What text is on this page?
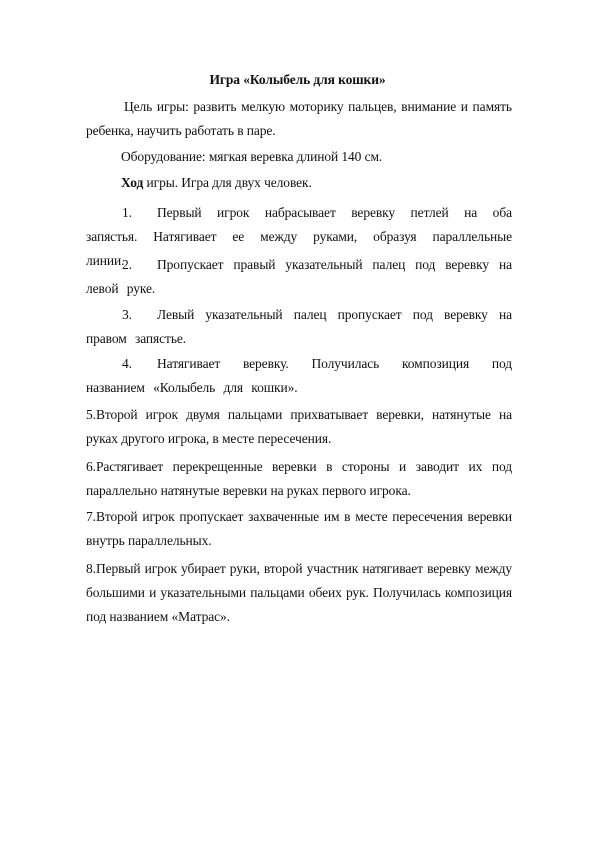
Игра «Колыбель для кошки»
Цель игры: развить мелкую моторику пальцев, внимание и память ребенка, научить работать в паре.
Оборудование: мягкая веревка длиной 140 см.
Ход игры. Игра для двух человек.
1. Первый игрок набрасывает веревку петлей на оба запястья. Натягивает ее между руками, образуя параллельные линии.
2. Пропускает правый указательный палец под веревку на левой руке.
3. Левый указательный палец пропускает под веревку на правом запястье.
4. Натягивает веревку. Получилась композиция под названием «Колыбель для кошки».
5.Второй игрок двумя пальцами прихватывает веревки, натянутые на руках другого игрока, в месте пересечения.
6.Растягивает перекрещенные веревки в стороны и заводит их под параллельно натянутые веревки на руках первого игрока.
7.Второй игрок пропускает захваченные им в месте пересечения веревки внутрь параллельных.
8.Первый игрок убирает руки, второй участник натягивает веревку между большими и указательными пальцами обеих рук. Получилась композиция под названием «Матрас».
